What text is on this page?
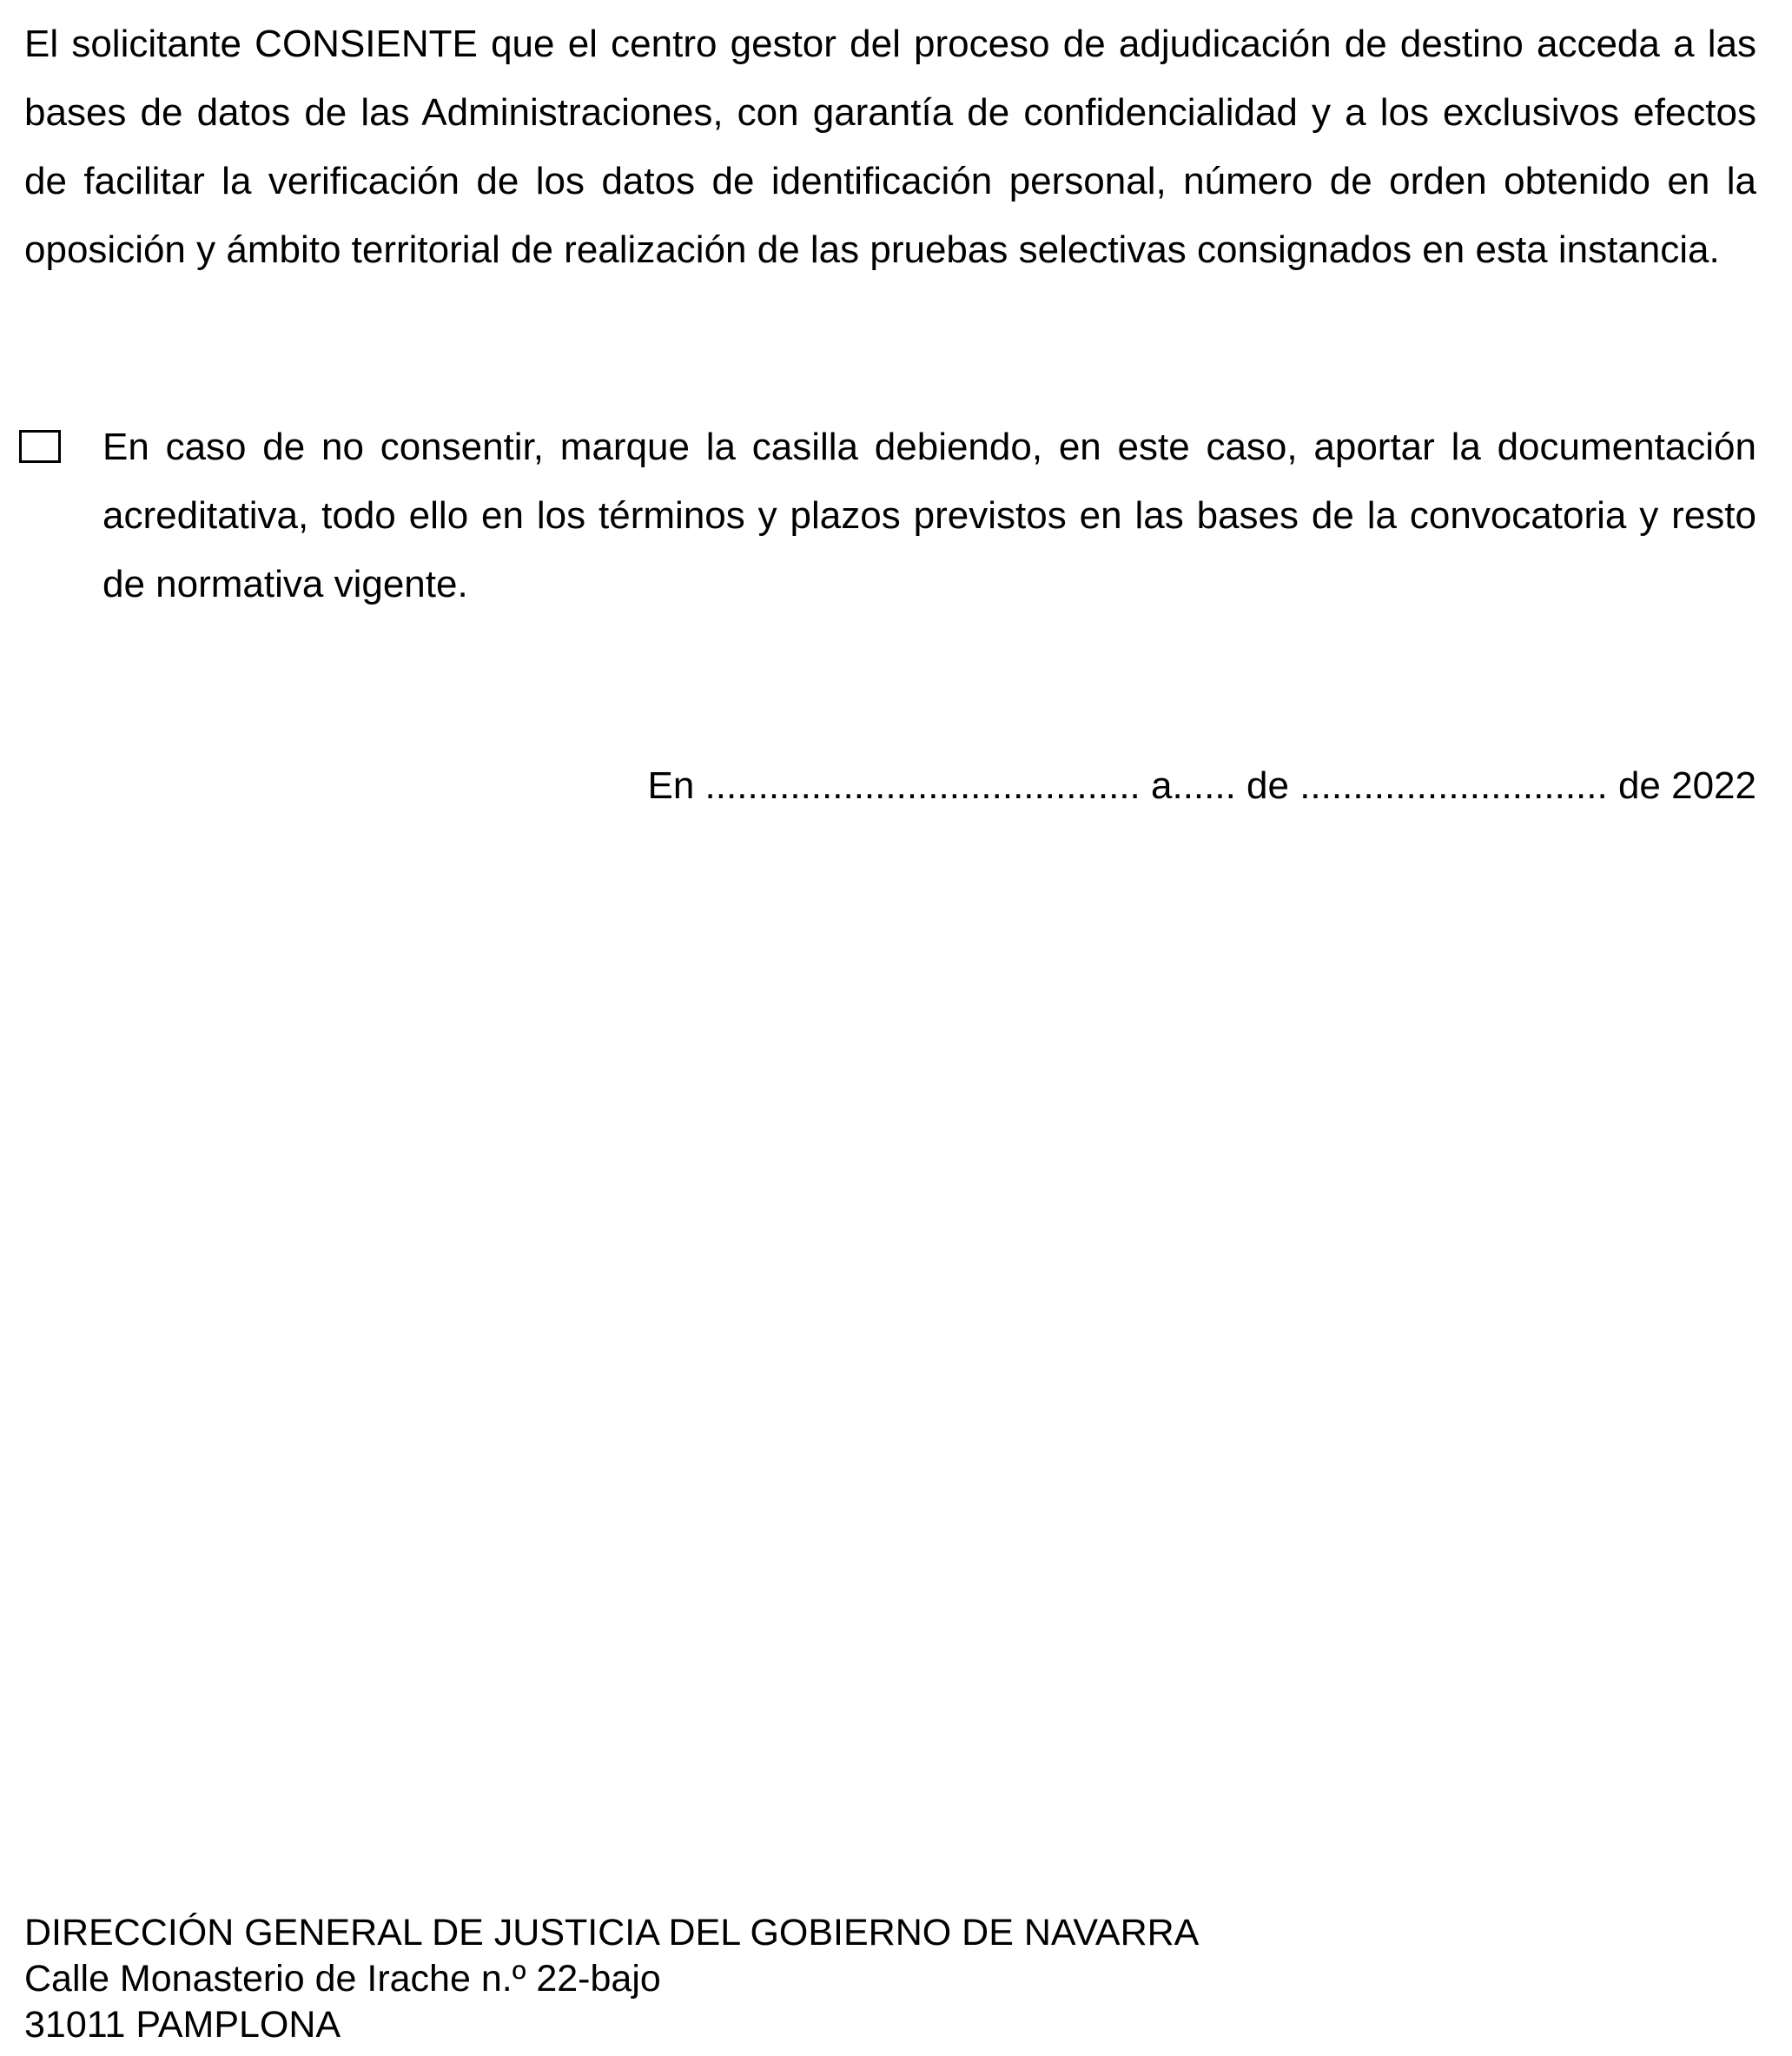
El solicitante CONSIENTE que el centro gestor del proceso de adjudicación de destino acceda a las bases de datos de las Administraciones, con garantía de confidencialidad y a los exclusivos efectos de facilitar la verificación de los datos de identificación personal, número de orden obtenido en la oposición y ámbito territorial de realización de las pruebas selectivas consignados en esta instancia.

En caso de no consentir, marque la casilla debiendo, en este caso, aportar la documentación acreditativa, todo ello en los términos y plazos previstos en las bases de la convocatoria y resto de normativa vigente.

En ......................................... a...... de ............................. de 2022
DIRECCIÓN GENERAL DE JUSTICIA DEL GOBIERNO DE NAVARRA
Calle Monasterio de Irache n.º 22-bajo
31011 PAMPLONA
